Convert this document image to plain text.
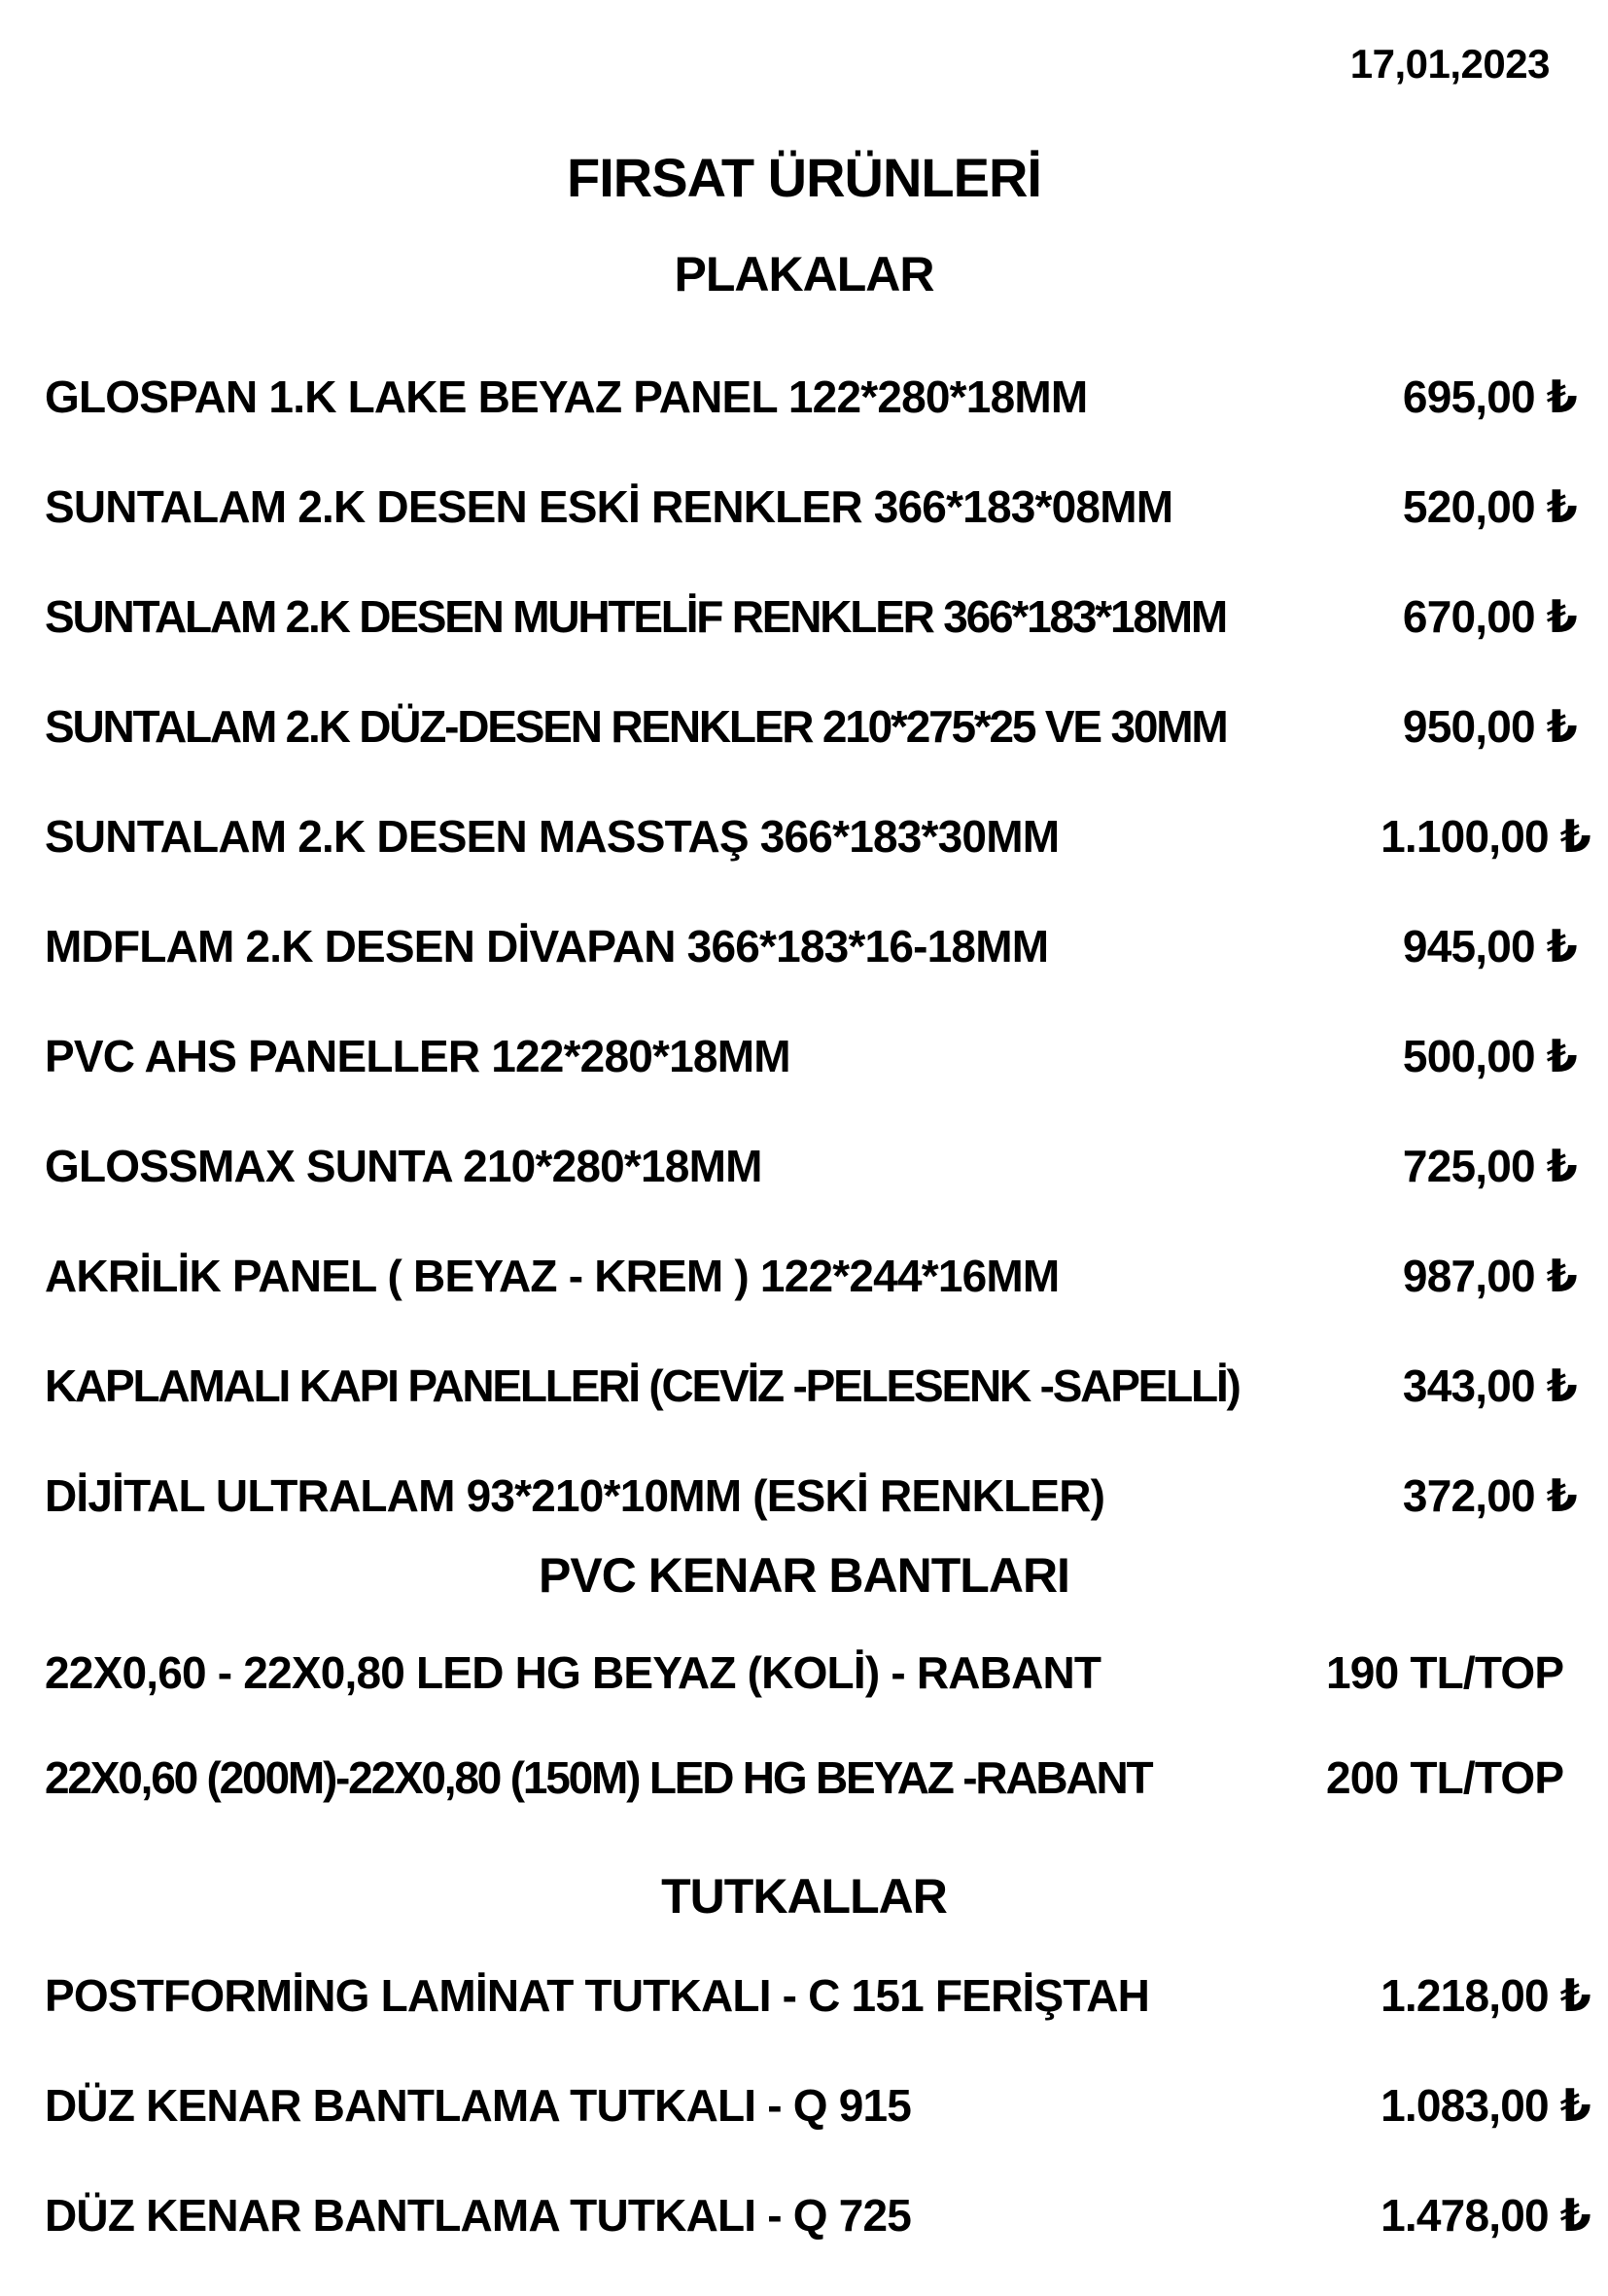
17,01,2023
FIRSAT ÜRÜNLERİ
PLAKALAR
GLOSPAN 1.K LAKE BEYAZ PANEL 122*280*18MM	695,00 ₺
SUNTALAM 2.K DESEN ESKİ RENKLER 366*183*08MM	520,00 ₺
SUNTALAM 2.K DESEN MUHTELİF RENKLER 366*183*18MM	670,00 ₺
SUNTALAM 2.K DÜZ-DESEN RENKLER 210*275*25 VE 30MM	950,00 ₺
SUNTALAM 2.K DESEN MASSTAŞ 366*183*30MM	1.100,00 ₺
MDFLAM 2.K DESEN DİVAPAN 366*183*16-18MM	945,00 ₺
PVC AHS PANELLER 122*280*18MM	500,00 ₺
GLOSSMAX SUNTA 210*280*18MM	725,00 ₺
AKRİLİK PANEL ( BEYAZ - KREM ) 122*244*16MM	987,00 ₺
KAPLAMALI KAPI PANELLERİ (CEVİZ -PELESENK -SAPELLİ)	343,00 ₺
DİJİTAL ULTRALAM 93*210*10MM (ESKİ RENKLER)	372,00 ₺
PVC KENAR BANTLARI
22X0,60 - 22X0,80 LED HG BEYAZ (KOLİ) - RABANT	190 TL/TOP
22X0,60 (200M)-22X0,80 (150M) LED HG BEYAZ -RABANT	200 TL/TOP
TUTKALLAR
POSTFORMİNG LAMİNAT TUTKALI - C 151 FERİŞTAH	1.218,00 ₺
DÜZ KENAR BANTLAMA TUTKALI - Q 915	1.083,00 ₺
DÜZ KENAR BANTLAMA TUTKALI - Q 725	1.478,00 ₺
